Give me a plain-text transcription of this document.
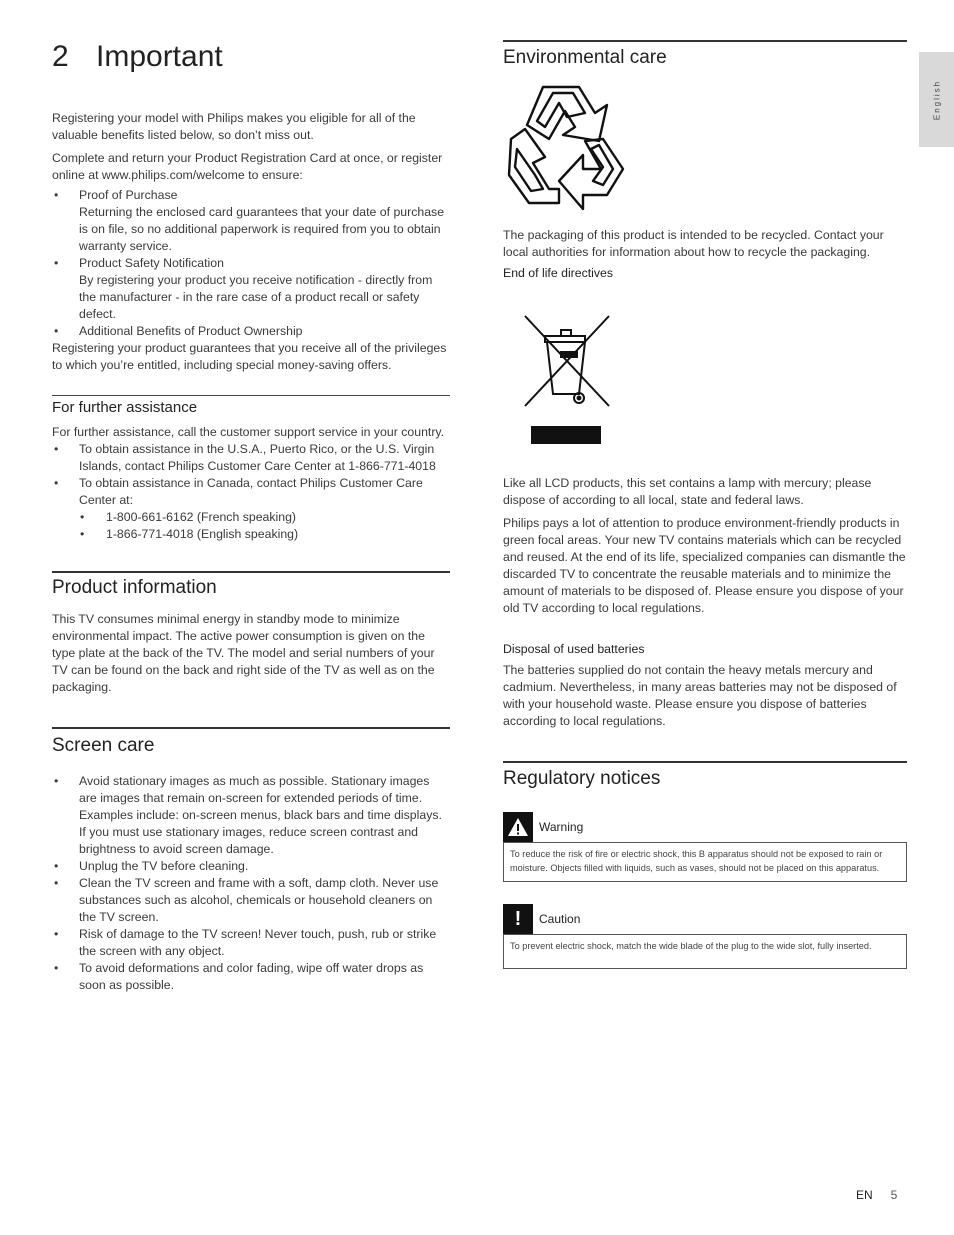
English
2 Important

Registering your model with Philips makes you eligible for all of the valuable benefits listed below, so don’t miss out.

Complete and return your Product Registration Card at once, or register online at www.philips.com/welcome to ensure:

• Proof of Purchase
Returning the enclosed card guarantees that your date of purchase is on file, so no additional paperwork is required from you to obtain warranty service.
• Product Safety Notification
By registering your product you receive notification - directly from the manufacturer - in the rare case of a product recall or safety defect.
• Additional Benefits of Product Ownership

Registering your product guarantees that you receive all of the privileges to which you’re entitled, including special money-saving offers.

For further assistance

For further assistance, call the customer support service in your country.

• To obtain assistance in the U.S.A., Puerto Rico, or the U.S. Virgin Islands, contact Philips Customer Care Center at 1-866-771-4018
• To obtain assistance in Canada, contact Philips Customer Care Center at:
• 1-800-661-6162 (French speaking)
• 1-866-771-4018 (English speaking)
Product information

This TV consumes minimal energy in standby mode to minimize environmental impact. The active power consumption is given on the type plate at the back of the TV. The model and serial numbers of your TV can be found on the back and right side of the TV as well as on the packaging.

Screen care
• Avoid stationary images as much as possible. Stationary images are images that remain on-screen for extended periods of time. Examples include: on-screen menus, black bars and time displays. If you must use stationary images, reduce screen contrast and brightness to avoid screen damage.
• Unplug the TV before cleaning.
• Clean the TV screen and frame with a soft, damp cloth. Never use substances such as alcohol, chemicals or household cleaners on the TV screen.
• Risk of damage to the TV screen! Never touch, push, rub or strike the screen with any object.
• To avoid deformations and color fading, wipe off water drops as soon as possible.
Environmental care

The packaging of this product is intended to be recycled. Contact your local authorities for information about how to recycle the packaging.

End of life directives

Like all LCD products, this set contains a lamp with mercury; please dispose of according to all local, state and federal laws.

Philips pays a lot of attention to produce environment-friendly products in green focal areas. Your new TV contains materials which can be recycled and reused. At the end of its life, specialized companies can dismantle the discarded TV to concentrate the reusable materials and to minimize the amount of materials to be disposed of. Please ensure you dispose of your old TV according to local regulations.

Disposal of used batteries

The batteries supplied do not contain the heavy metals mercury and cadmium. Nevertheless, in many areas batteries may not be disposed of with your household waste. Please ensure you dispose of batteries according to local regulations.

Regulatory notices
Warning
To reduce the risk of fire or electric shock, this B apparatus should not be exposed to rain or moisture. Objects filled with liquids, such as vases, should not be placed on this apparatus.
!	Caution
To prevent electric shock, match the wide blade of the plug to the wide slot, fully inserted.
EN 5
